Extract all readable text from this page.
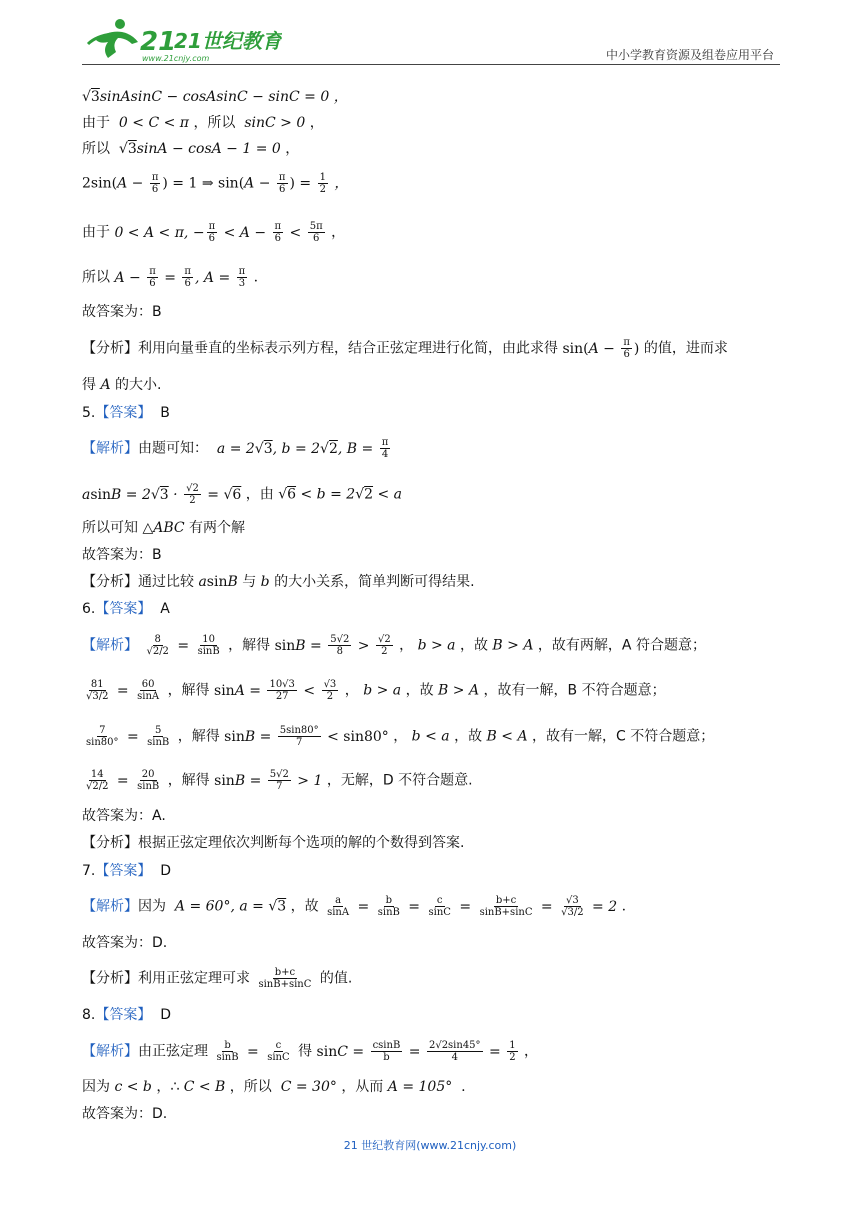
21
21世纪教育
www.21cnjy.com	中小学教育资源及组卷应用平台
√3sinAsinC − cosAsinC − sinC = 0 ，
由于  0 < C < π ，所以  sinC > 0 ，
所以 √3sinA − cosA − 1 = 0 ，
$2\sin(A - \frac{\pi}{6}$ ) = 1 ⇒ $\sin(A - \frac{\pi}{6}$ ) = $\frac{1}{2}$ ，
由于 0 < A < π, − $\frac{\pi}{6} < A - \frac{\pi}{6} < \frac{5\pi}{6}$ ，
所以 $A - \frac{\pi}{6} = \frac{\pi}{6}$ , $A = \frac{\pi}{3}$ .
故答案为：B
【分析】利用向量垂直的坐标表示列方程，结合正弦定理进行化简，由此求得 $\sin(A - \frac{\pi}{6}$ ) 的值，进而求
得 A 的大小.
5.【答案】 B
【解析】由题可知：  a = 2√3, b = 2√2, $B = \frac{\pi}{4}$
$asinB = 2√3 \cdot \frac{√2}{2} = √6$ ，由 √6 < b = 2√2 < a
所以可知 △ABC 有两个解
故答案为：B
【分析】通过比较 asinB 与 b 的大小关系，简单判断可得结果.
6.【答案】 A
【解析】 $\frac{8}{√2/2} = \frac{10}{\sin B}$ ，解得 $\sin B = \frac{5√2}{8} > \frac{√2}{2}$ ， b > a ，故 B > A ，故有两解，A 符合题意；
$\frac{81}{√3/2} = \frac{60}{\sin A}$ ，解得 $\sin A = \frac{10√3}{27} < \frac{√3}{2}$ ， b > a ，故 B > A ，故有一解，B 不符合题意；
$\frac{7}{\sin 80^\circ} = \frac{5}{\sin B}$ ，解得 $\sin B = \frac{5\sin 80^\circ}{7} < \sin 80^\circ$ ， b < a ，故 B < A ，故有一解，C 不符合题意；
$\frac{14}{√2/2} = \frac{20}{\sin B}$ ，解得 $\sin B = \frac{5√2}{7} > 1$ ，无解，D 不符合题意.
故答案为：A.
【分析】根据正弦定理依次判断每个选项的解的个数得到答案.
7.【答案】 D
【解析】因为  A = 60°, a = √3 ，故 $\frac{a}{\sin A} = \frac{b}{\sin B} = \frac{c}{\sin C} = \frac{b+c}{\sin B+\sin C} = \frac{√3}{√3/2} = 2$ .
故答案为：D.
【分析】利用正弦定理可求 $\frac{b+c}{\sin B+\sin C}$ 的值.
8.【答案】 D
【解析】由正弦定理 $\frac{b}{\sin B} = \frac{c}{\sin C}$ 得 $\sin C = \frac{csinB}{b} = \frac{2√2\sin 45^\circ}{4} = \frac{1}{2}$ ，
因为 c < b ，∴ C < B ，所以  C = 30° ，从而 A = 105°  .
故答案为：D.
21 世纪教育网(www.21cnjy.com)
